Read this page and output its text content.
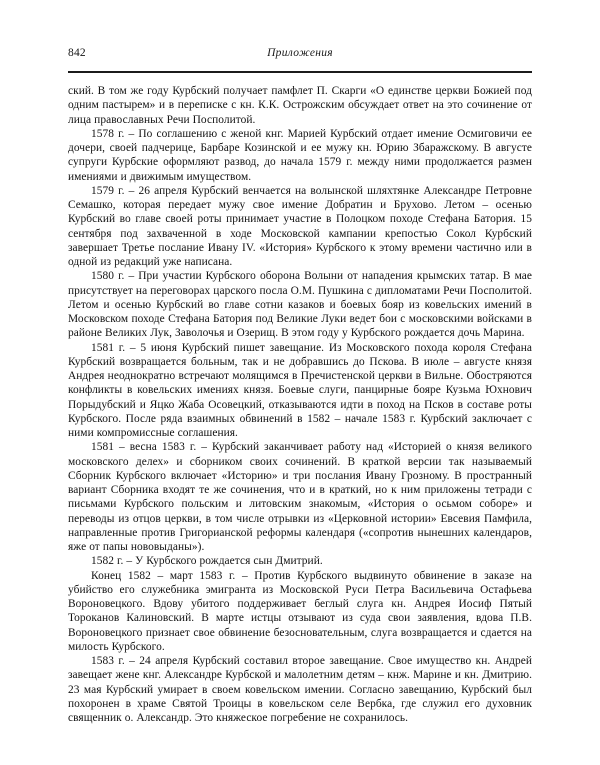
842	Приложения

ский. В том же году Курбский получает памфлет П. Скарги «О единстве церкви Божией под одним пастырем» и в переписке с кн. К.К. Острожским обсуждает ответ на это сочинение от лица православных Речи Посполитой.

1578 г. – По соглашению с женой кнг. Марией Курбский отдает имение Осмиговичи ее дочери, своей падчерице, Барбаре Козинской и ее мужу кн. Юрию Збаражскому. В августе супруги Курбские оформляют развод, до начала 1579 г. между ними продолжается размен имениями и движимым имуществом.

1579 г. – 26 апреля Курбский венчается на волынской шляхтянке Александре Петровне Семашко, которая передает мужу свое имение Добратин и Брухово. Летом – осенью Курбский во главе своей роты принимает участие в Полоцком походе Стефана Батория. 15 сентября под захваченной в ходе Московской кампании крепостью Сокол Курбский завершает Третье послание Ивану IV. «История» Курбского к этому времени частично или в одной из редакций уже написана.

1580 г. – При участии Курбского оборона Волыни от нападения крымских татар. В мае присутствует на переговорах царского посла О.М. Пушкина с дипломатами Речи Посполитой. Летом и осенью Курбский во главе сотни казаков и боевых бояр из ковельских имений в Московском походе Стефана Батория под Великие Луки ведет бои с московскими войсками в районе Великих Лук, Заволочья и Озерищ. В этом году у Курбского рождается дочь Марина.

1581 г. – 5 июня Курбский пишет завещание. Из Московского похода короля Стефана Курбский возвращается больным, так и не добравшись до Пскова. В июле – августе князя Андрея неоднократно встречают молящимся в Пречистенской церкви в Вильне. Обостряются конфликты в ковельских имениях князя. Боевые слуги, панцирные бояре Кузьма Юхнович Порыдубский и Яцко Жаба Осовецкий, отказываются идти в поход на Псков в составе роты Курбского. После ряда взаимных обвинений в 1582 – начале 1583 г. Курбский заключает с ними компромиссные соглашения.

1581 – весна 1583 г. – Курбский заканчивает работу над «Историей о князя великого московского делех» и сборником своих сочинений. В краткой версии так называемый Сборник Курбского включает «Историю» и три послания Ивану Грозному. В пространный вариант Сборника входят те же сочинения, что и в краткий, но к ним приложены тетради с письмами Курбского польским и литовским знакомым, «История о осьмом соборе» и переводы из отцов церкви, в том числе отрывки из «Церковной истории» Евсевия Памфила, направленные против Григорианской реформы календаря («сопротив нынешних календаров, яже от папы нововыданы»).

1582 г. – У Курбского рождается сын Дмитрий.

Конец 1582 – март 1583 г. – Против Курбского выдвинуто обвинение в заказе на убийство его служебника эмигранта из Московской Руси Петра Васильевича Остафьева Вороновецкого. Вдову убитого поддерживает беглый слуга кн. Андрея Иосиф Пятый Тороканов Калиновский. В марте истцы отзывают из суда свои заявления, вдова П.В. Вороновецкого признает свое обвинение безосновательным, слуга возвращается и сдается на милость Курбского.

1583 г. – 24 апреля Курбский составил второе завещание. Свое имущество кн. Андрей завещает жене кнг. Александре Курбской и малолетним детям – кнж. Марине и кн. Дмитрию. 23 мая Курбский умирает в своем ковельском имении. Согласно завещанию, Курбский был похоронен в храме Святой Троицы в ковельском селе Вербка, где служил его духовник священник о. Александр. Это княжеское погребение не сохранилось.
